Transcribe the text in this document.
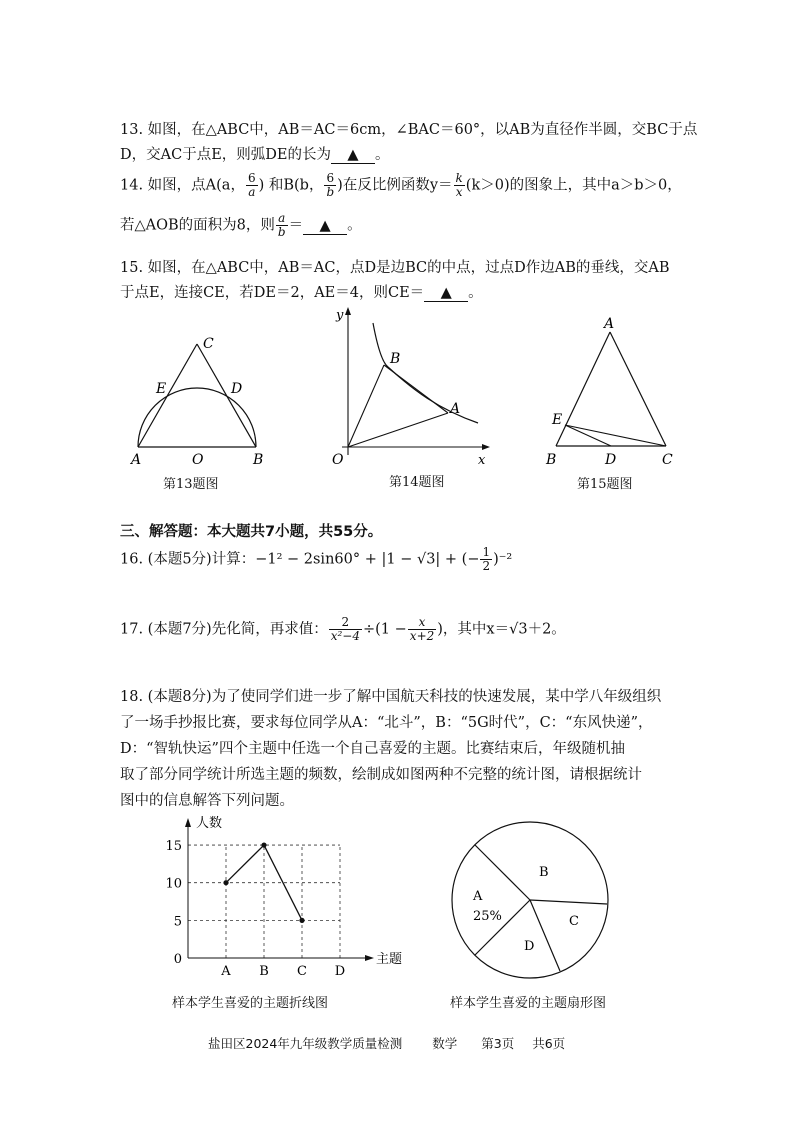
13. 如图，在△ABC中，AB＝AC＝6cm，∠BAC＝60°，以AB为直径作半圆，交BC于点
D，交AC于点E，则弧DE的长为 ▲ 。
14. 如图，点A(a， $\frac{6}{a}$ ) 和B(b， $\frac{6}{b}$ )在反比例函数$y= \frac{k}{x} (k>0)$的图象上，其中a＞b＞0，
若△AOB的面积为8，则 $\frac{a}{b}$ ＝ ▲ 。
15. 如图，在△ABC中，AB＝AC，点D是边BC的中点，过点D作边AB的垂线，交AB
于点E，连接CE，若DE＝2，AE＝4，则CE＝ ▲ 。
C
E	D
A	O	B
第13题图
y
B
A
O	x
第14题图
A
E
B	D	C
第15题图
三、解答题：本大题共7小题，共55分。
16. (本题5分)计算：−1² − 2sin60° + |1 − √3| + (− $\frac{1}{2} )^{-2}$
17. (本题7分)先化简，再求值： $\frac{2}{\text{x²−4}} \div(1 - \frac{x}{x+2}$ )，其中x＝√3＋2。
18. (本题8分)为了使同学们进一步了解中国航天科技的快速发展，某中学八年级组织
了一场手抄报比赛，要求每位同学从A：“北斗”，B：“5G时代”，C：“东风快递”，
D：“智轨快运”四个主题中任选一个自己喜爱的主题。比赛结束后，年级随机抽
取了部分同学统计所选主题的频数，绘制成如图两种不完整的统计图，请根据统计
图中的信息解答下列问题。
0
5
10
15
A B C D
人数
主题
样本学生喜爱的主题折线图
A
25%
B
C
D
样本学生喜爱的主题扇形图
盐田区2024年九年级教学质量检测 数学 第3页 共6页
